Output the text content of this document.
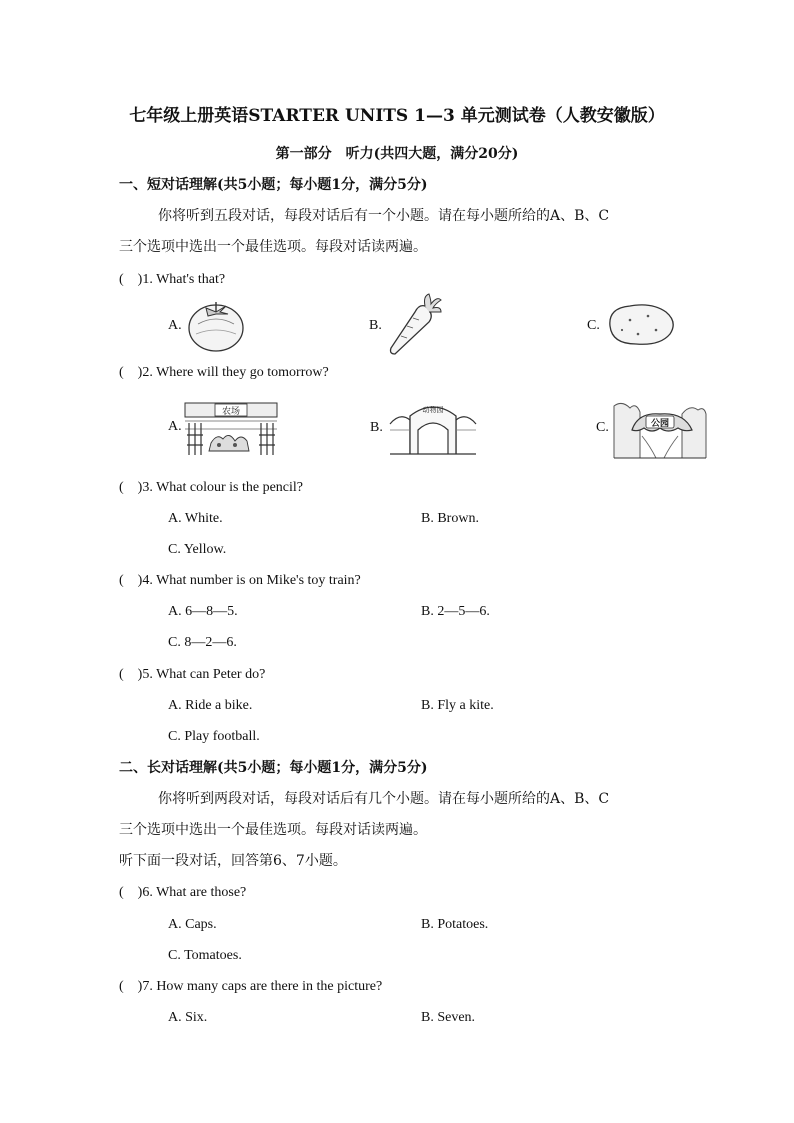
七年级上册英语STARTER UNITS 1—3 单元测试卷（人教安徽版）
第一部分　听力(共四大题，满分20分)
一、短对话理解(共5小题；每小题1分，满分5分)
你将听到五段对话，每段对话后有一个小题。请在每小题所给的A、B、C
三个选项中选出一个最佳选项。每段对话读两遍。
(　)1. What's that?
A.	B.	C.
(　)2. Where will they go tomorrow?
A.
农场
B.
动物园
C.	公园
(　)3. What colour is the pencil?
A. White.	B. Brown.
C. Yellow.
(　)4. What number is on Mike's toy train?
A. 6—8—5.	B. 2—5—6.
C. 8—2—6.
(　)5. What can Peter do?
A. Ride a bike.	B. Fly a kite.
C. Play football.
二、长对话理解(共5小题；每小题1分，满分5分)
你将听到两段对话，每段对话后有几个小题。请在每小题所给的A、B、C
三个选项中选出一个最佳选项。每段对话读两遍。
听下面一段对话，回答第6、7小题。
(　)6. What are those?
A. Caps.	B. Potatoes.
C. Tomatoes.
(　)7. How many caps are there in the picture?
A. Six.	B. Seven.
